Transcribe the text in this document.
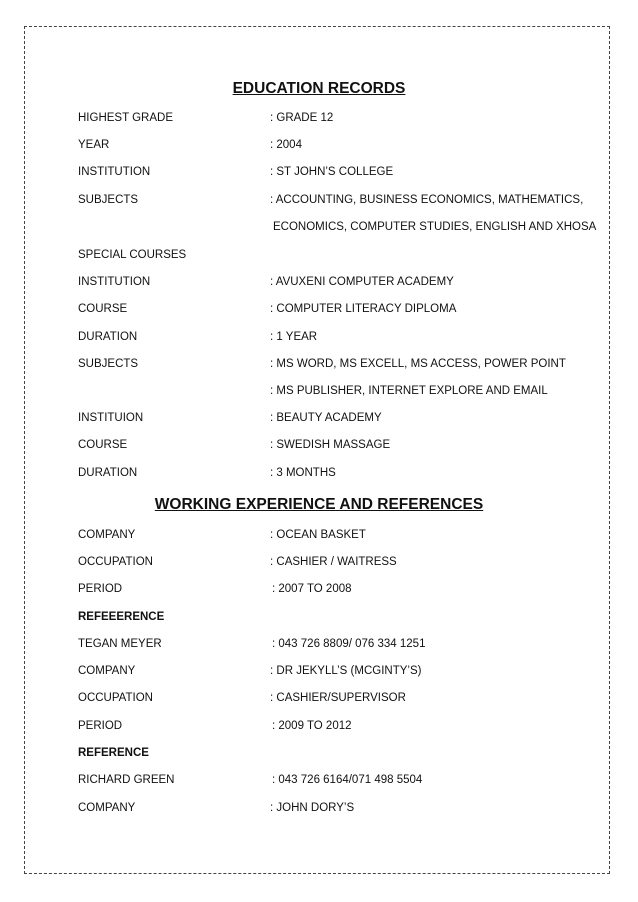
EDUCATION RECORDS
HIGHEST GRADE	: GRADE 12
YEAR	: 2004
INSTITUTION	: ST JOHN’S COLLEGE
SUBJECTS	: ACCOUNTING, BUSINESS ECONOMICS, MATHEMATICS,
ECONOMICS, COMPUTER STUDIES, ENGLISH AND XHOSA
SPECIAL COURSES
INSTITUTION	: AVUXENI COMPUTER ACADEMY
COURSE	: COMPUTER LITERACY DIPLOMA
DURATION	: 1 YEAR
SUBJECTS	: MS WORD, MS EXCELL, MS ACCESS, POWER POINT
: MS PUBLISHER, INTERNET EXPLORE AND EMAIL
INSTITUION	: BEAUTY ACADEMY
COURSE	: SWEDISH MASSAGE
DURATION	: 3 MONTHS
WORKING EXPERIENCE AND REFERENCES
COMPANY	: OCEAN BASKET
OCCUPATION	: CASHIER / WAITRESS
PERIOD	: 2007 TO 2008
REFEEERENCE
TEGAN MEYER	: 043 726 8809/ 076 334 1251
COMPANY	: DR JEKYLL’S (MCGINTY’S)
OCCUPATION	: CASHIER/SUPERVISOR
PERIOD	: 2009 TO 2012
REFERENCE
RICHARD GREEN	: 043 726 6164/071 498 5504
COMPANY	: JOHN DORY’S
